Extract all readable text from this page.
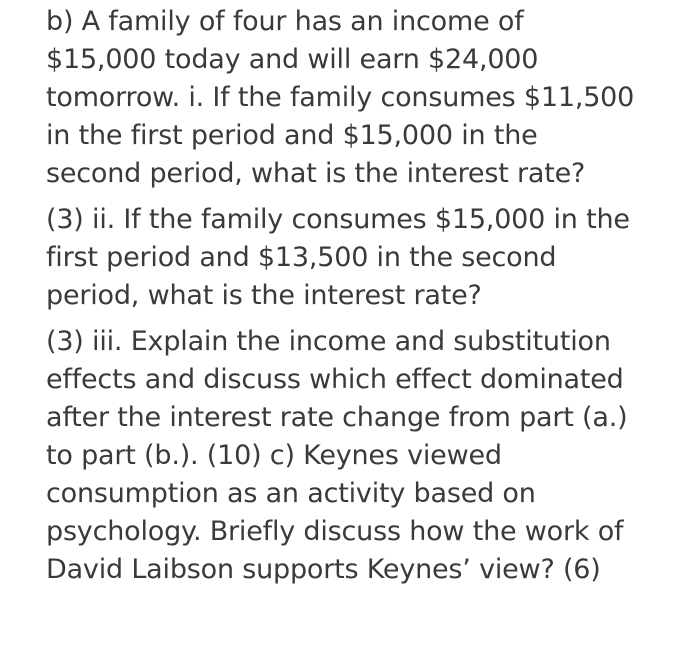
b) A family of four has an income of
$15,000 today and will earn $24,000
tomorrow. i. If the family consumes $11,500
in the first period and $15,000 in the
second period, what is the interest rate?

(3) ii. If the family consumes $15,000 in the
first period and $13,500 in the second
period, what is the interest rate?

(3) iii. Explain the income and substitution
effects and discuss which effect dominated
after the interest rate change from part (a.)
to part (b.). (10) c) Keynes viewed
consumption as an activity based on
psychology. Briefly discuss how the work of
David Laibson supports Keynes’ view? (6)
